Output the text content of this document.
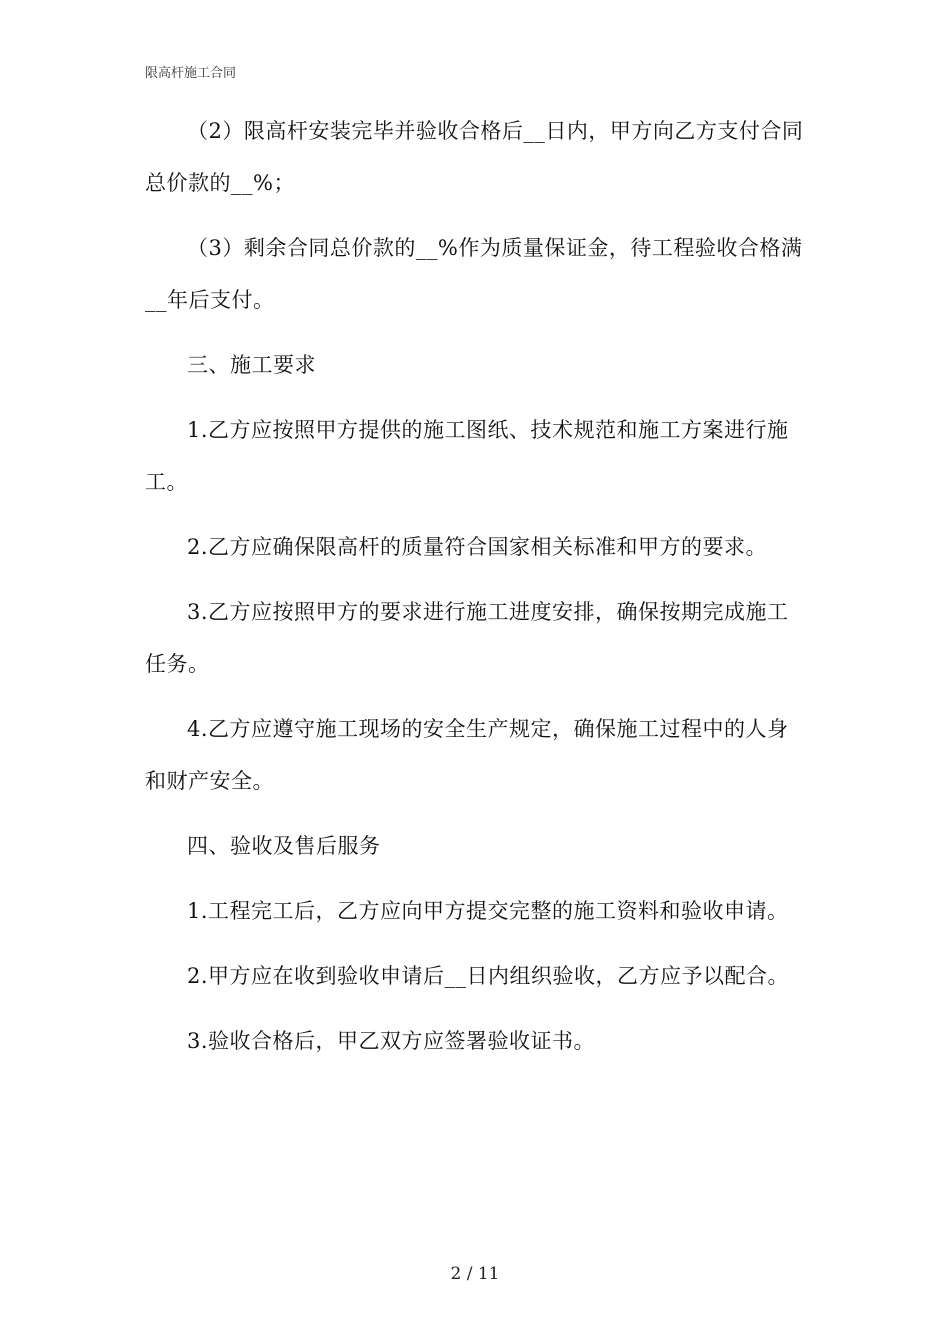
限高杆施工合同

（2）限高杆安装完毕并验收合格后__日内，甲方向乙方支付合同总价款的__%；

（3）剩余合同总价款的__%作为质量保证金，待工程验收合格满__年后支付。

三、施工要求

1.乙方应按照甲方提供的施工图纸、技术规范和施工方案进行施工。

2.乙方应确保限高杆的质量符合国家相关标准和甲方的要求。

3.乙方应按照甲方的要求进行施工进度安排，确保按期完成施工任务。

4.乙方应遵守施工现场的安全生产规定，确保施工过程中的人身和财产安全。

四、验收及售后服务

1.工程完工后，乙方应向甲方提交完整的施工资料和验收申请。

2.甲方应在收到验收申请后__日内组织验收，乙方应予以配合。

3.验收合格后，甲乙双方应签署验收证书。

2 / 11
